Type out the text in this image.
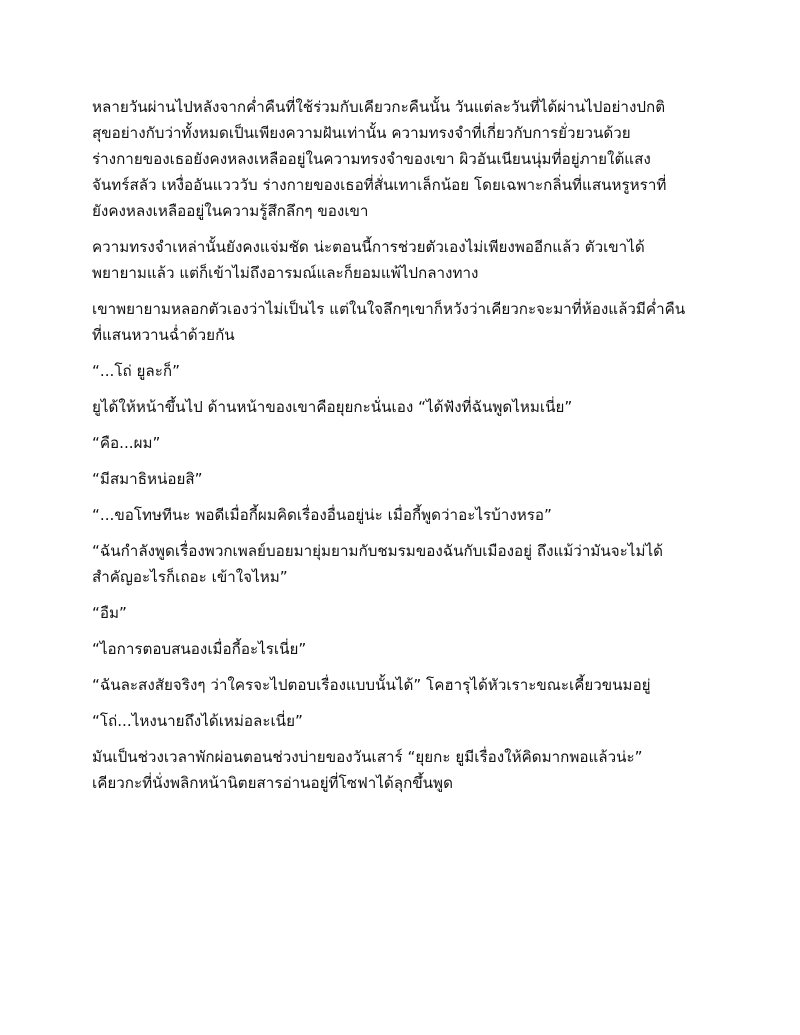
หลายวันผ่านไปหลังจากค่ำคืนที่ใช้ร่วมกับเคียวกะคืนนั้น วันแต่ละวันที่ได้ผ่านไปอย่างปกติ
สุขอย่างกับว่าทั้งหมดเป็นเพียงความฝันเท่านั้น ความทรงจำที่เกี่ยวกับการยั่วยวนด้วย
ร่างกายของเธอยังคงหลงเหลืออยู่ในความทรงจำของเขา ผิวอันเนียนนุ่มที่อยู่ภายใต้แสง
จันทร์สลัว เหงื่ออันแวววับ ร่างกายของเธอที่สั่นเทาเล็กน้อย โดยเฉพาะกลิ่นที่แสนหรูหราที่
ยังคงหลงเหลืออยู่ในความรู้สึกลึกๆ ของเขา
ความทรงจำเหล่านั้นยังคงแจ่มชัด น่ะตอนนี้การช่วยตัวเองไม่เพียงพออีกแล้ว ตัวเขาได้
พยายามแล้ว แต่ก็เข้าไม่ถึงอารมณ์และก็ยอมแพ้ไปกลางทาง
เขาพยายามหลอกตัวเองว่าไม่เป็นไร แต่ในใจลึกๆเขาก็หวังว่าเคียวกะจะมาที่ห้องแล้วมีค่ำคืน
ที่แสนหวานฉ่ำด้วยกัน
“...โถ่ ยูละก็”
ยูได้ให้หน้าขึ้นไป ด้านหน้าของเขาคือยุยกะนั่นเอง “ได้ฟังที่ฉันพูดไหมเนี่ย”
“คือ...ผม”
“มีสมาธิหน่อยสิ”
“...ขอโทษทีนะ พอดีเมื่อกี้ผมคิดเรื่องอื่นอยู่น่ะ เมื่อกี้พูดว่าอะไรบ้างหรอ”
“ฉันกำลังพูดเรื่องพวกเพลย์บอยมายุ่มยามกับชมรมของฉันกับเมืองอยู่ ถึงแม้ว่ามันจะไม่ได้
สำคัญอะไรก็เถอะ เข้าใจไหม”
“อืม”
“ไอการตอบสนองเมื่อกี้อะไรเนี่ย”
“ฉันละสงสัยจริงๆ ว่าใครจะไปตอบเรื่องแบบนั้นได้” โคฮารุได้หัวเราะขณะเคี้ยวขนมอยู่
“โถ่...ไหงนายถึงได้เหม่อละเนี่ย”
มันเป็นช่วงเวลาพักผ่อนตอนช่วงบ่ายของวันเสาร์ “ยุยกะ ยูมีเรื่องให้คิดมากพอแล้วน่ะ”
เคียวกะที่นั่งพลิกหน้านิตยสารอ่านอยู่ที่โซฟาได้ลุกขึ้นพูด
